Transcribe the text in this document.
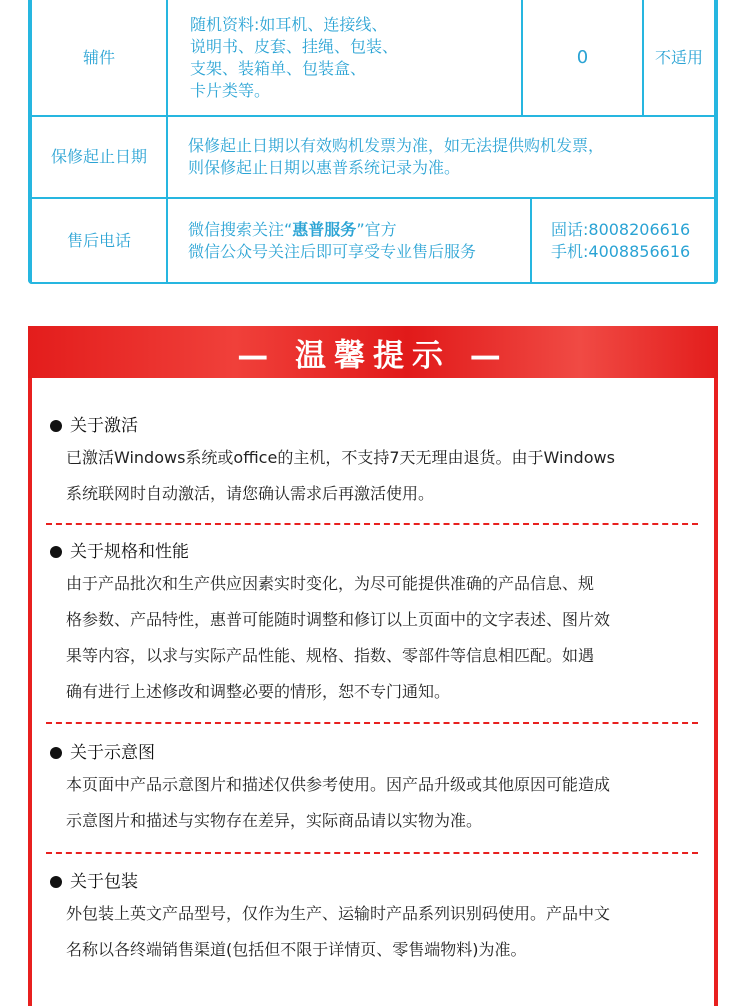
辅件
随机资料:如耳机、连接线、
说明书、皮套、挂绳、包装、
支架、装箱单、包装盒、
卡片类等。
0	不适用
保修起止日期
保修起止日期以有效购机发票为准，如无法提供购机发票，
则保修起止日期以惠普系统记录为准。
售后电话
微信搜索关注“惠普服务”官方
微信公众号关注后即可享受专业售后服务
固话:8008206616
手机:4008856616
— 温馨提示 —
关于激活
已激活Windows系统或office的主机，不支持7天无理由退货。由于Windows
系统联网时自动激活，请您确认需求后再激活使用。
关于规格和性能
由于产品批次和生产供应因素实时变化，为尽可能提供准确的产品信息、规
格参数、产品特性，惠普可能随时调整和修订以上页面中的文字表述、图片效
果等内容，以求与实际产品性能、规格、指数、零部件等信息相匹配。如遇
确有进行上述修改和调整必要的情形，恕不专门通知。
关于示意图
本页面中产品示意图片和描述仅供参考使用。因产品升级或其他原因可能造成
示意图片和描述与实物存在差异，实际商品请以实物为准。
关于包装
外包装上英文产品型号，仅作为生产、运输时产品系列识别码使用。产品中文
名称以各终端销售渠道(包括但不限于详情页、零售端物料)为准。
